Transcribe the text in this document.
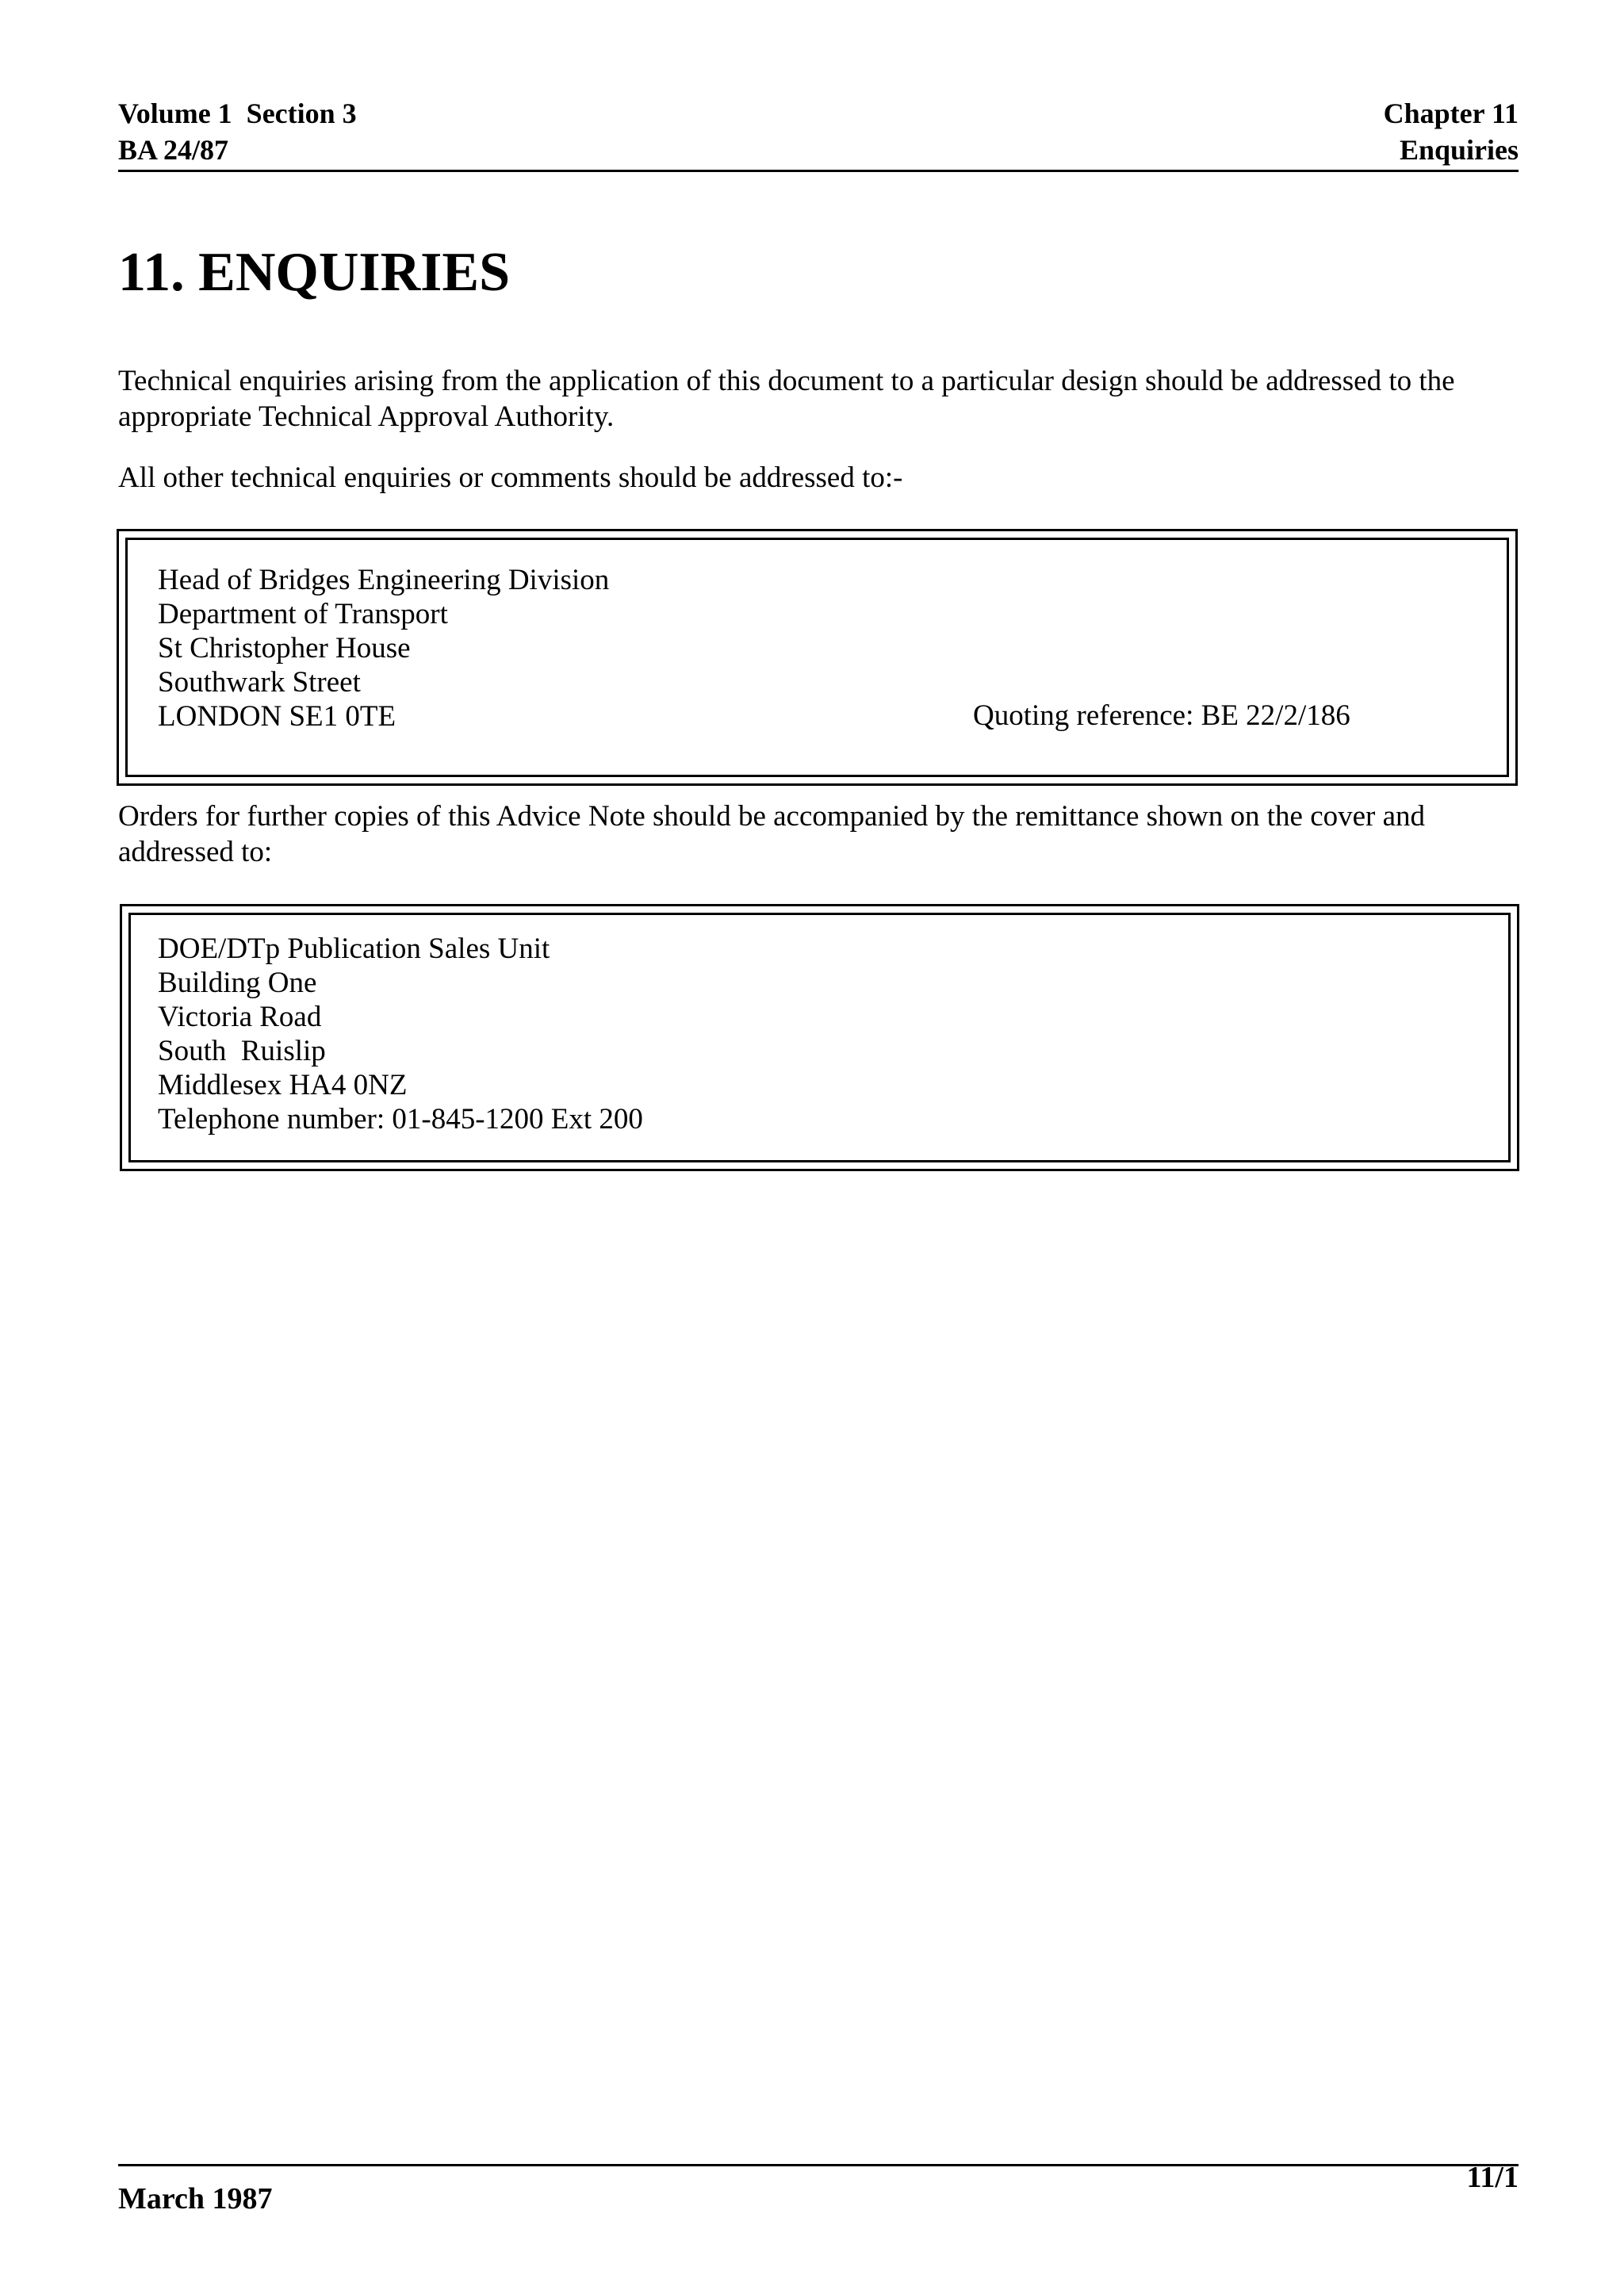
Volume 1  Section 3
BA 24/87
Chapter 11
Enquiries
11. ENQUIRIES

Technical enquiries arising from the application of this document to a particular design should be addressed to the appropriate Technical Approval Authority.

All other technical enquiries or comments should be addressed to:-

Head of Bridges Engineering Division
Department of Transport
St Christopher House
Southwark Street
LONDON SE1 0TE	Quoting reference: BE 22/2/186

Orders for further copies of this Advice Note should be accompanied by the remittance shown on the cover and addressed to:

DOE/DTp Publication Sales Unit
Building One
Victoria Road
South  Ruislip
Middlesex HA4 0NZ
Telephone number: 01-845-1200 Ext 200
March 1987
11/1
